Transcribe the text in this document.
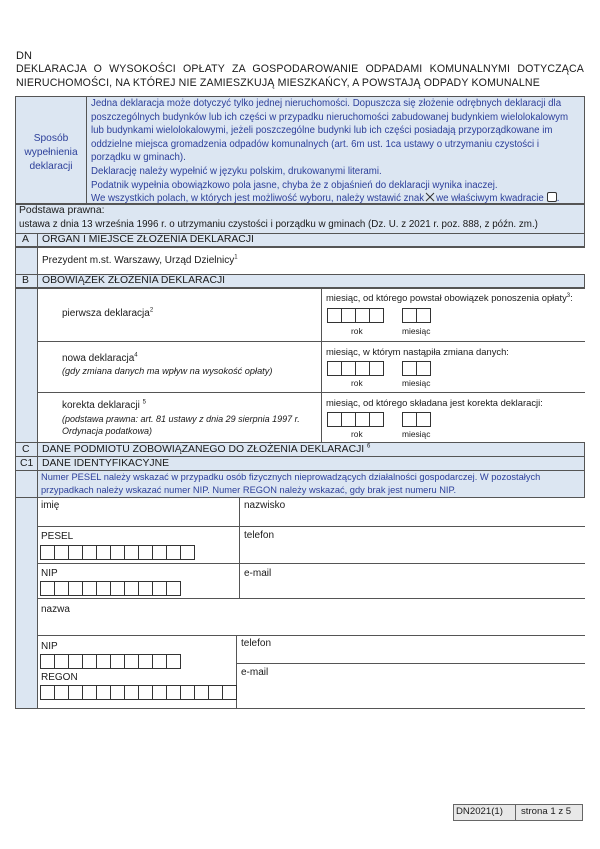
DN
DEKLARACJA O WYSOKOŚCI OPŁATY ZA GOSPODAROWANIE ODPADAMI KOMUNALNYMI DOTYCZĄCA NIERUCHOMOŚCI, NA KTÓREJ NIE ZAMIESZKUJĄ MIESZKAŃCY, A POWSTAJĄ ODPADY KOMUNALNE
Sposób wypełnienia deklaracji
Jedna deklaracja może dotyczyć tylko jednej nieruchomości. Dopuszcza się złożenie odrębnych deklaracji dla poszczególnych budynków lub ich części w przypadku nieruchomości zabudowanej budynkiem wielolokalowym lub budynkami wielolokalowymi, jeżeli poszczególne budynki lub ich części posiadają przyporządkowane im oddzielne miejsca gromadzenia odpadów komunalnych (art. 6m ust. 1ca ustawy o utrzymaniu czystości i porządku w gminach).
Deklarację należy wypełnić w języku polskim, drukowanymi literami.
Podatnik wypełnia obowiązkowo pola jasne, chyba że z objaśnień do deklaracji wynika inaczej.
We wszystkich polach, w których jest możliwość wyboru, należy wstawić znak we właściwym kwadracie .
Podstawa prawna:
ustawa z dnia 13 września 1996 r. o utrzymaniu czystości i porządku w gminach (Dz. U. z 2021 r. poz. 888, z późn. zm.)
A ORGAN I MIEJSCE ZŁOŻENIA DEKLARACJI
Prezydent m.st. Warszawy, Urząd Dzielnicy$^1$
B OBOWIĄZEK ZŁOŻENIA DEKLARACJI
pierwsza deklaracja$^2$
miesiąc, od którego powstał obowiązek ponoszenia opłaty$^3$:
rok	miesiąc
nowa deklaracja$^4$
(gdy zmiana danych ma wpływ na wysokość opłaty)
miesiąc, w którym nastąpiła zmiana danych:
rok	miesiąc
korekta deklaracji $^5$
(podstawa prawna: art. 81 ustawy z dnia 29 sierpnia 1997 r. Ordynacja podatkowa)
miesiąc, od którego składana jest korekta deklaracji:
rok	miesiąc
C DANE PODMIOTU ZOBOWIĄZANEGO DO ZŁOŻENIA DEKLARACJI $^6$
C1 DANE IDENTYFIKACYJNE
Numer PESEL należy wskazać w przypadku osób fizycznych nieprowadzących działalności gospodarczej. W pozostałych przypadkach należy wskazać numer NIP. Numer REGON należy wskazać, gdy brak jest numeru NIP.
imię	nazwisko
PESEL	telefon
NIP	e-mail
nazwa
NIP	telefon
REGON	e-mail
DN2021(1) strona 1 z 5
